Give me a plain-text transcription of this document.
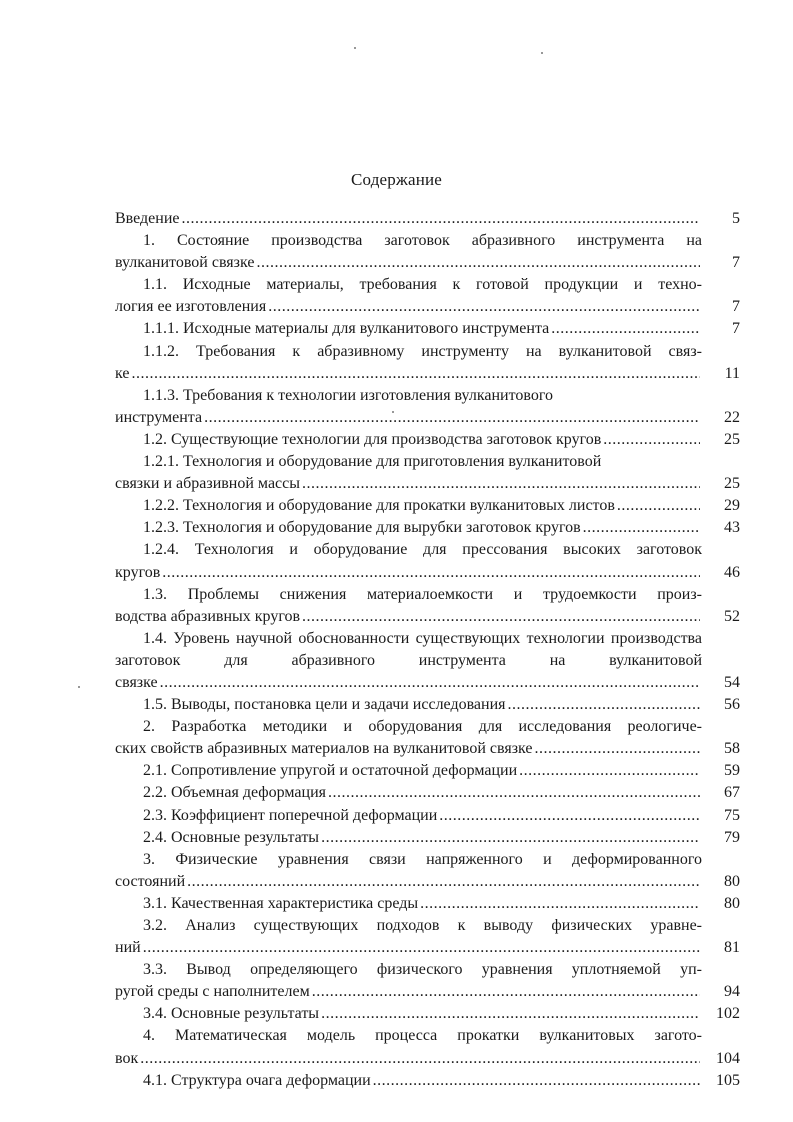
Содержание
Введение .....	5
1. Состояние производства заготовок абразивного инструмента на
вулканитовой связке .....	7
1.1. Исходные материалы, требования к готовой продукции и техно-
логия ее изготовления .....	7
1.1.1. Исходные материалы для вулканитового инструмента .....	7
1.1.2. Требования к абразивному инструменту на вулканитовой связ-
ке .....	11
1.1.3. Требования к технологии изготовления вулканитового
инструмента .....	22
1.2. Существующие технологии для производства заготовок кругов .....	25
1.2.1. Технология и оборудование для приготовления вулканитовой
связки и абразивной массы .....	25
1.2.2. Технология и оборудование для прокатки вулканитовых листов .....	29
1.2.3. Технология и оборудование для вырубки заготовок кругов .....	43
1.2.4. Технология и оборудование для прессования высоких заготовок
кругов .....	46
1.3. Проблемы снижения материалоемкости и трудоемкости произ-
водства абразивных кругов .....	52
1.4. Уровень научной обоснованности существующих технологии производства заготовок для абразивного инструмента на вулканитовой
связке .....	54
1.5. Выводы, постановка цели и задачи исследования .....	56
2. Разработка методики и оборудования для исследования реологиче-
ских свойств абразивных материалов на вулканитовой связке .....	58
2.1. Сопротивление упругой и остаточной деформации .....	59
2.2. Объемная деформация .....	67
2.3. Коэффициент поперечной деформации .....	75
2.4. Основные результаты .....	79
3. Физические уравнения связи напряженного и деформированного
состояний .....	80
3.1. Качественная характеристика среды .....	80
3.2. Анализ существующих подходов к выводу физических уравне-
ний .....	81
3.3. Вывод определяющего физического уравнения уплотняемой уп-
ругой среды с наполнителем .....	94
3.4. Основные результаты .....	102
4. Математическая модель процесса прокатки вулканитовых загото-
вок .....	104
4.1. Структура очага деформации .....	105
